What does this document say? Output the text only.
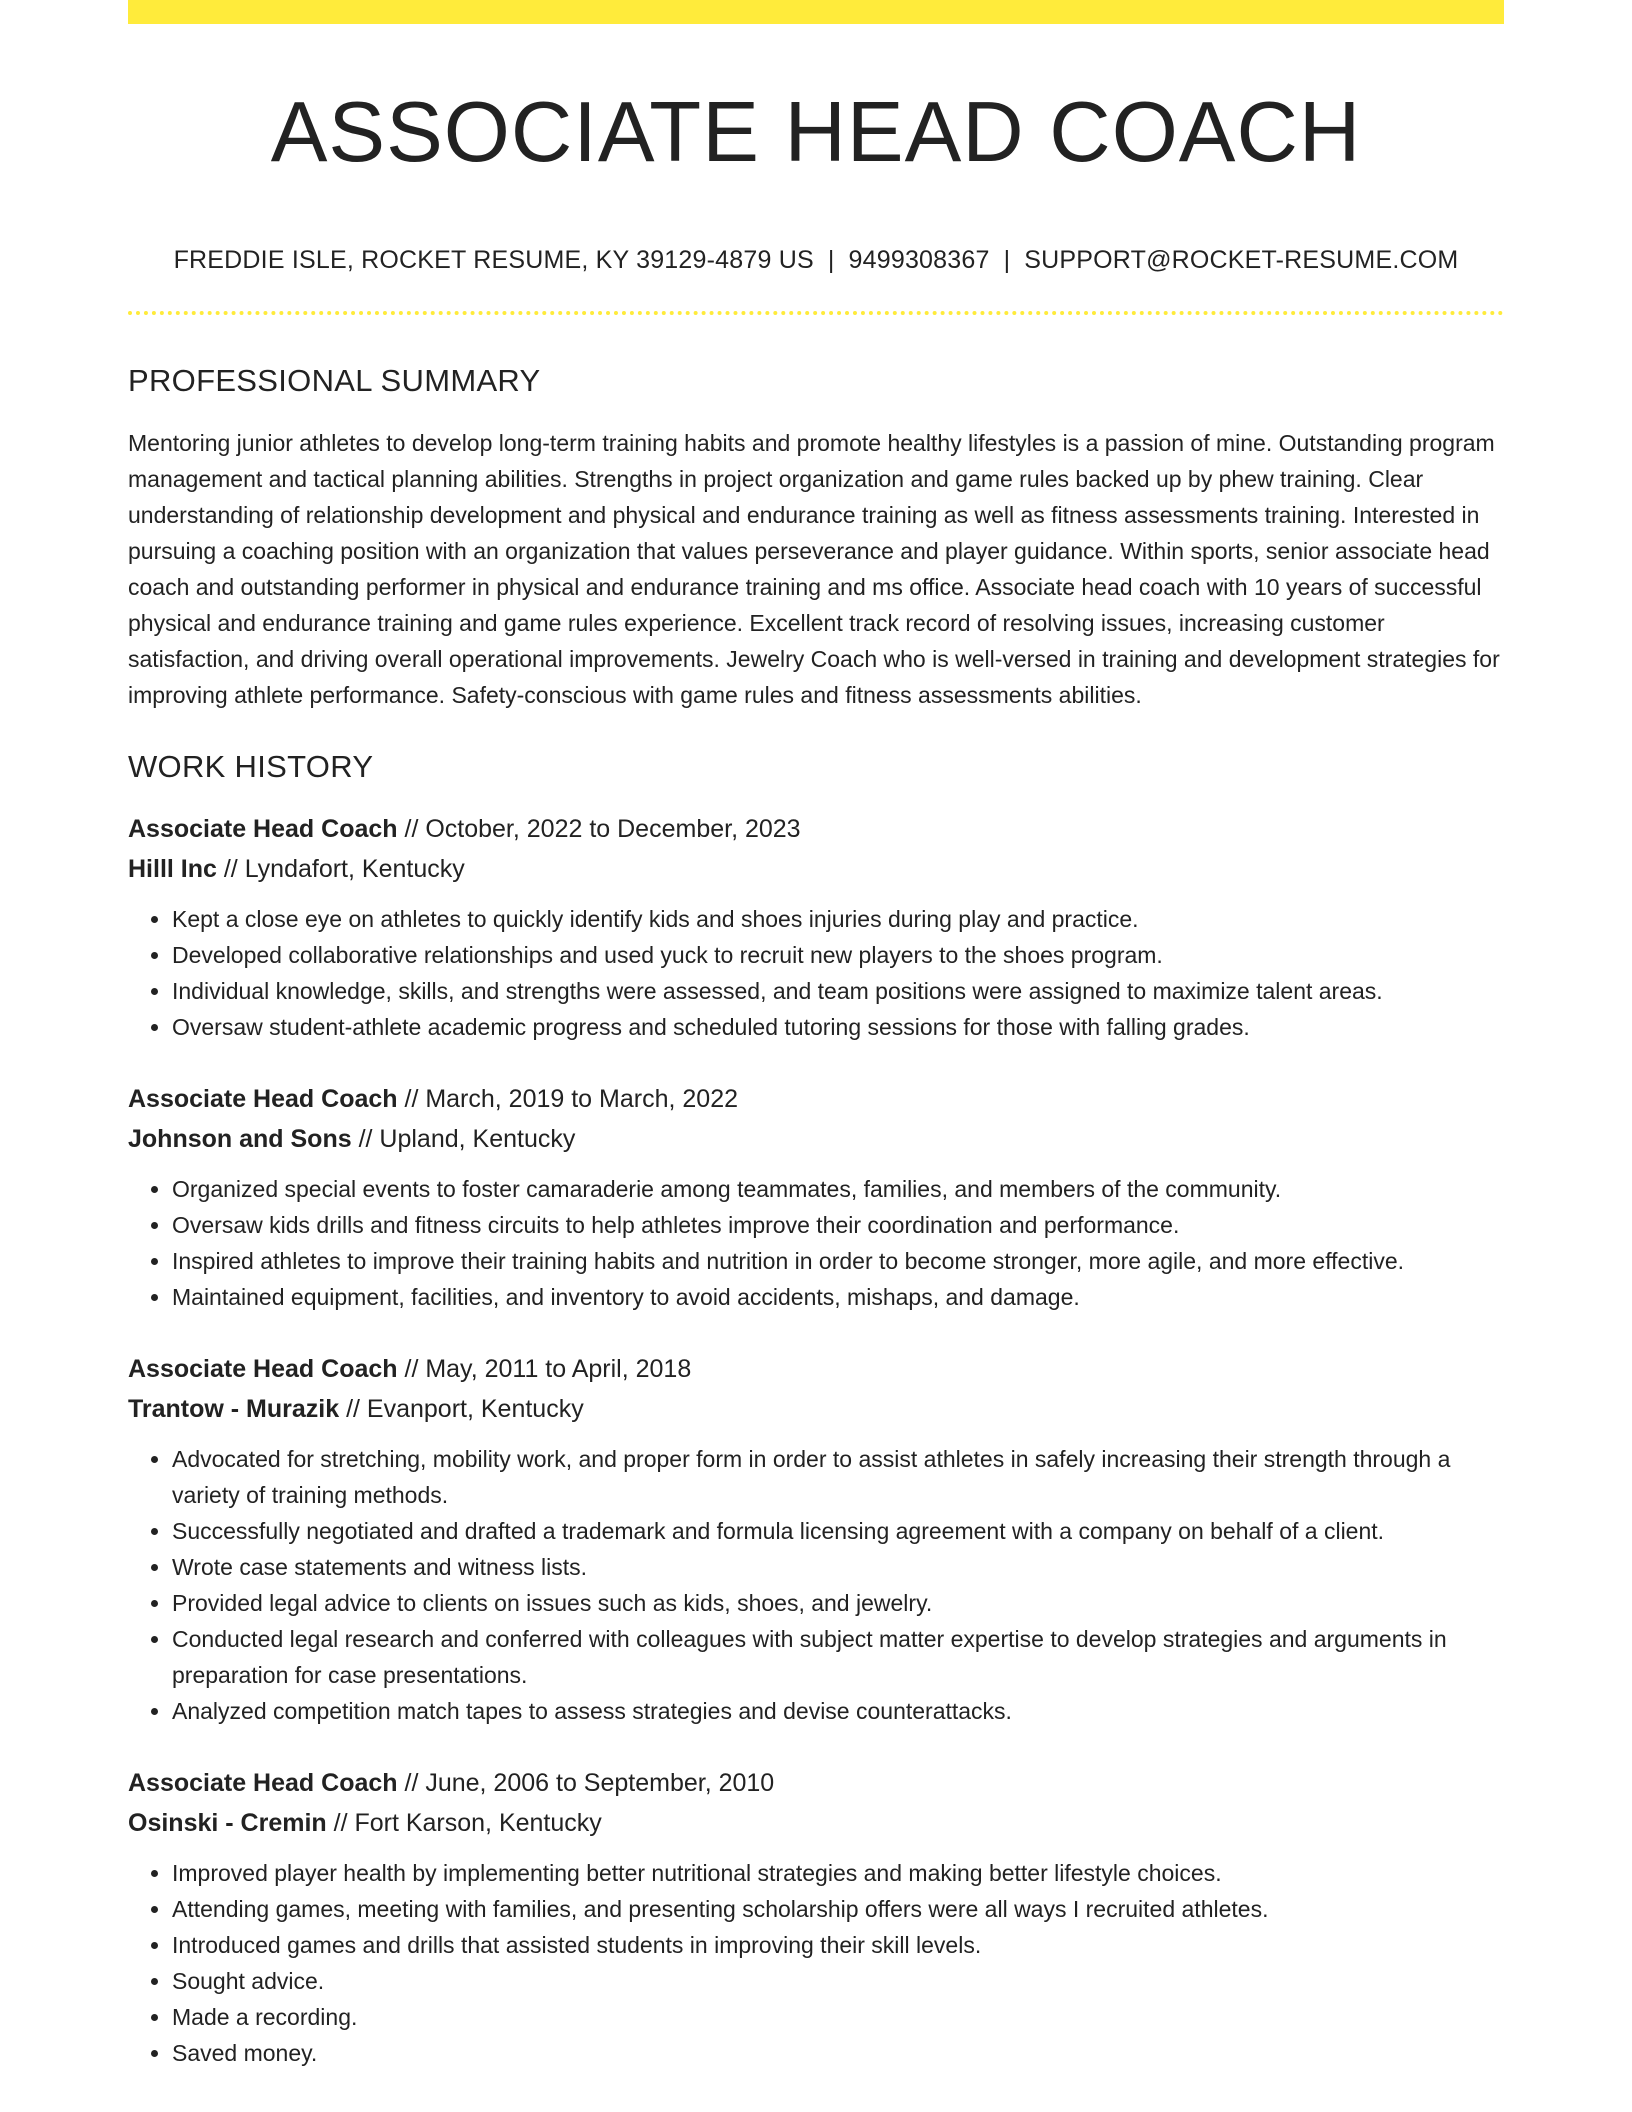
ASSOCIATE HEAD COACH
FREDDIE ISLE, ROCKET RESUME, KY 39129-4879 US | 9499308367 | SUPPORT@ROCKET-RESUME.COM
PROFESSIONAL SUMMARY
Mentoring junior athletes to develop long-term training habits and promote healthy lifestyles is a passion of mine. Outstanding program management and tactical planning abilities. Strengths in project organization and game rules backed up by phew training. Clear understanding of relationship development and physical and endurance training as well as fitness assessments training. Interested in pursuing a coaching position with an organization that values perseverance and player guidance. Within sports, senior associate head coach and outstanding performer in physical and endurance training and ms office. Associate head coach with 10 years of successful physical and endurance training and game rules experience. Excellent track record of resolving issues, increasing customer satisfaction, and driving overall operational improvements. Jewelry Coach who is well-versed in training and development strategies for improving athlete performance. Safety-conscious with game rules and fitness assessments abilities.
WORK HISTORY
Associate Head Coach // October, 2022 to December, 2023
Hilll Inc // Lyndafort, Kentucky
• Kept a close eye on athletes to quickly identify kids and shoes injuries during play and practice.
• Developed collaborative relationships and used yuck to recruit new players to the shoes program.
• Individual knowledge, skills, and strengths were assessed, and team positions were assigned to maximize talent areas.
• Oversaw student-athlete academic progress and scheduled tutoring sessions for those with falling grades.
Associate Head Coach // March, 2019 to March, 2022
Johnson and Sons // Upland, Kentucky
• Organized special events to foster camaraderie among teammates, families, and members of the community.
• Oversaw kids drills and fitness circuits to help athletes improve their coordination and performance.
• Inspired athletes to improve their training habits and nutrition in order to become stronger, more agile, and more effective.
• Maintained equipment, facilities, and inventory to avoid accidents, mishaps, and damage.
Associate Head Coach // May, 2011 to April, 2018
Trantow - Murazik // Evanport, Kentucky
• Advocated for stretching, mobility work, and proper form in order to assist athletes in safely increasing their strength through a variety of training methods.
• Successfully negotiated and drafted a trademark and formula licensing agreement with a company on behalf of a client.
• Wrote case statements and witness lists.
• Provided legal advice to clients on issues such as kids, shoes, and jewelry.
• Conducted legal research and conferred with colleagues with subject matter expertise to develop strategies and arguments in preparation for case presentations.
• Analyzed competition match tapes to assess strategies and devise counterattacks.
Associate Head Coach // June, 2006 to September, 2010
Osinski - Cremin // Fort Karson, Kentucky
• Improved player health by implementing better nutritional strategies and making better lifestyle choices.
• Attending games, meeting with families, and presenting scholarship offers were all ways I recruited athletes.
• Introduced games and drills that assisted students in improving their skill levels.
• Sought advice.
• Made a recording.
• Saved money.
